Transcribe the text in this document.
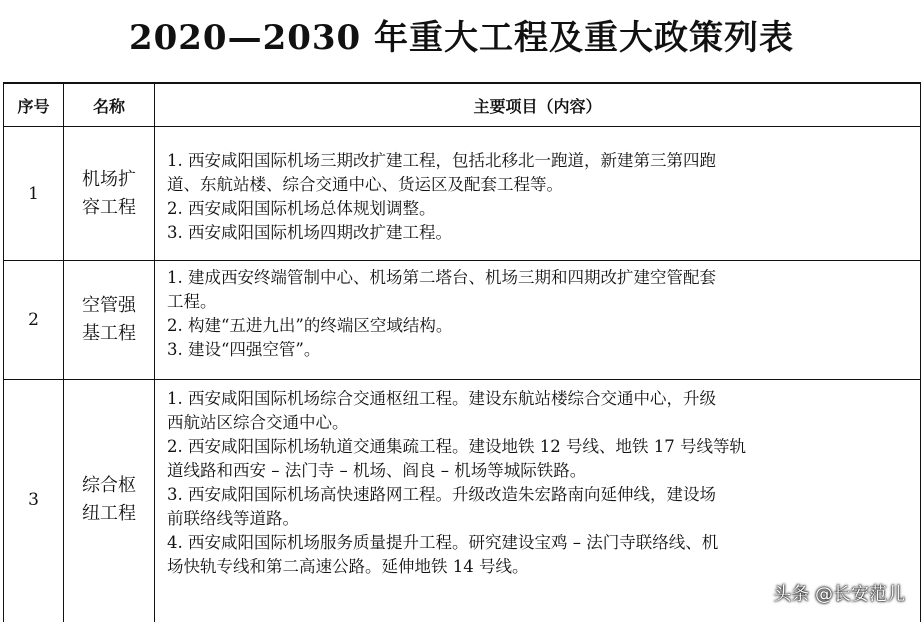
2020—2030 年重大工程及重大政策列表
序号	名称	主要项目（内容）
1
机场扩
容工程
1. 西安咸阳国际机场三期改扩建工程，包括北移北一跑道，新建第三第四跑
道、东航站楼、综合交通中心、货运区及配套工程等。
2. 西安咸阳国际机场总体规划调整。
3. 西安咸阳国际机场四期改扩建工程。
2
空管强
基工程
1. 建成西安终端管制中心、机场第二塔台、机场三期和四期改扩建空管配套
工程。
2. 构建“五进九出”的终端区空域结构。
3. 建设“四强空管”。
3
综合枢
纽工程
1. 西安咸阳国际机场综合交通枢纽工程。建设东航站楼综合交通中心，升级
西航站区综合交通中心。
2. 西安咸阳国际机场轨道交通集疏工程。建设地铁 12 号线、地铁 17 号线等轨
道线路和西安 – 法门寺 – 机场、阎良 – 机场等城际铁路。
3. 西安咸阳国际机场高快速路网工程。升级改造朱宏路南向延伸线，建设场
前联络线等道路。
4. 西安咸阳国际机场服务质量提升工程。研究建设宝鸡 – 法门寺联络线、机
场快轨专线和第二高速公路。延伸地铁 14 号线。
头条 @长安范儿
